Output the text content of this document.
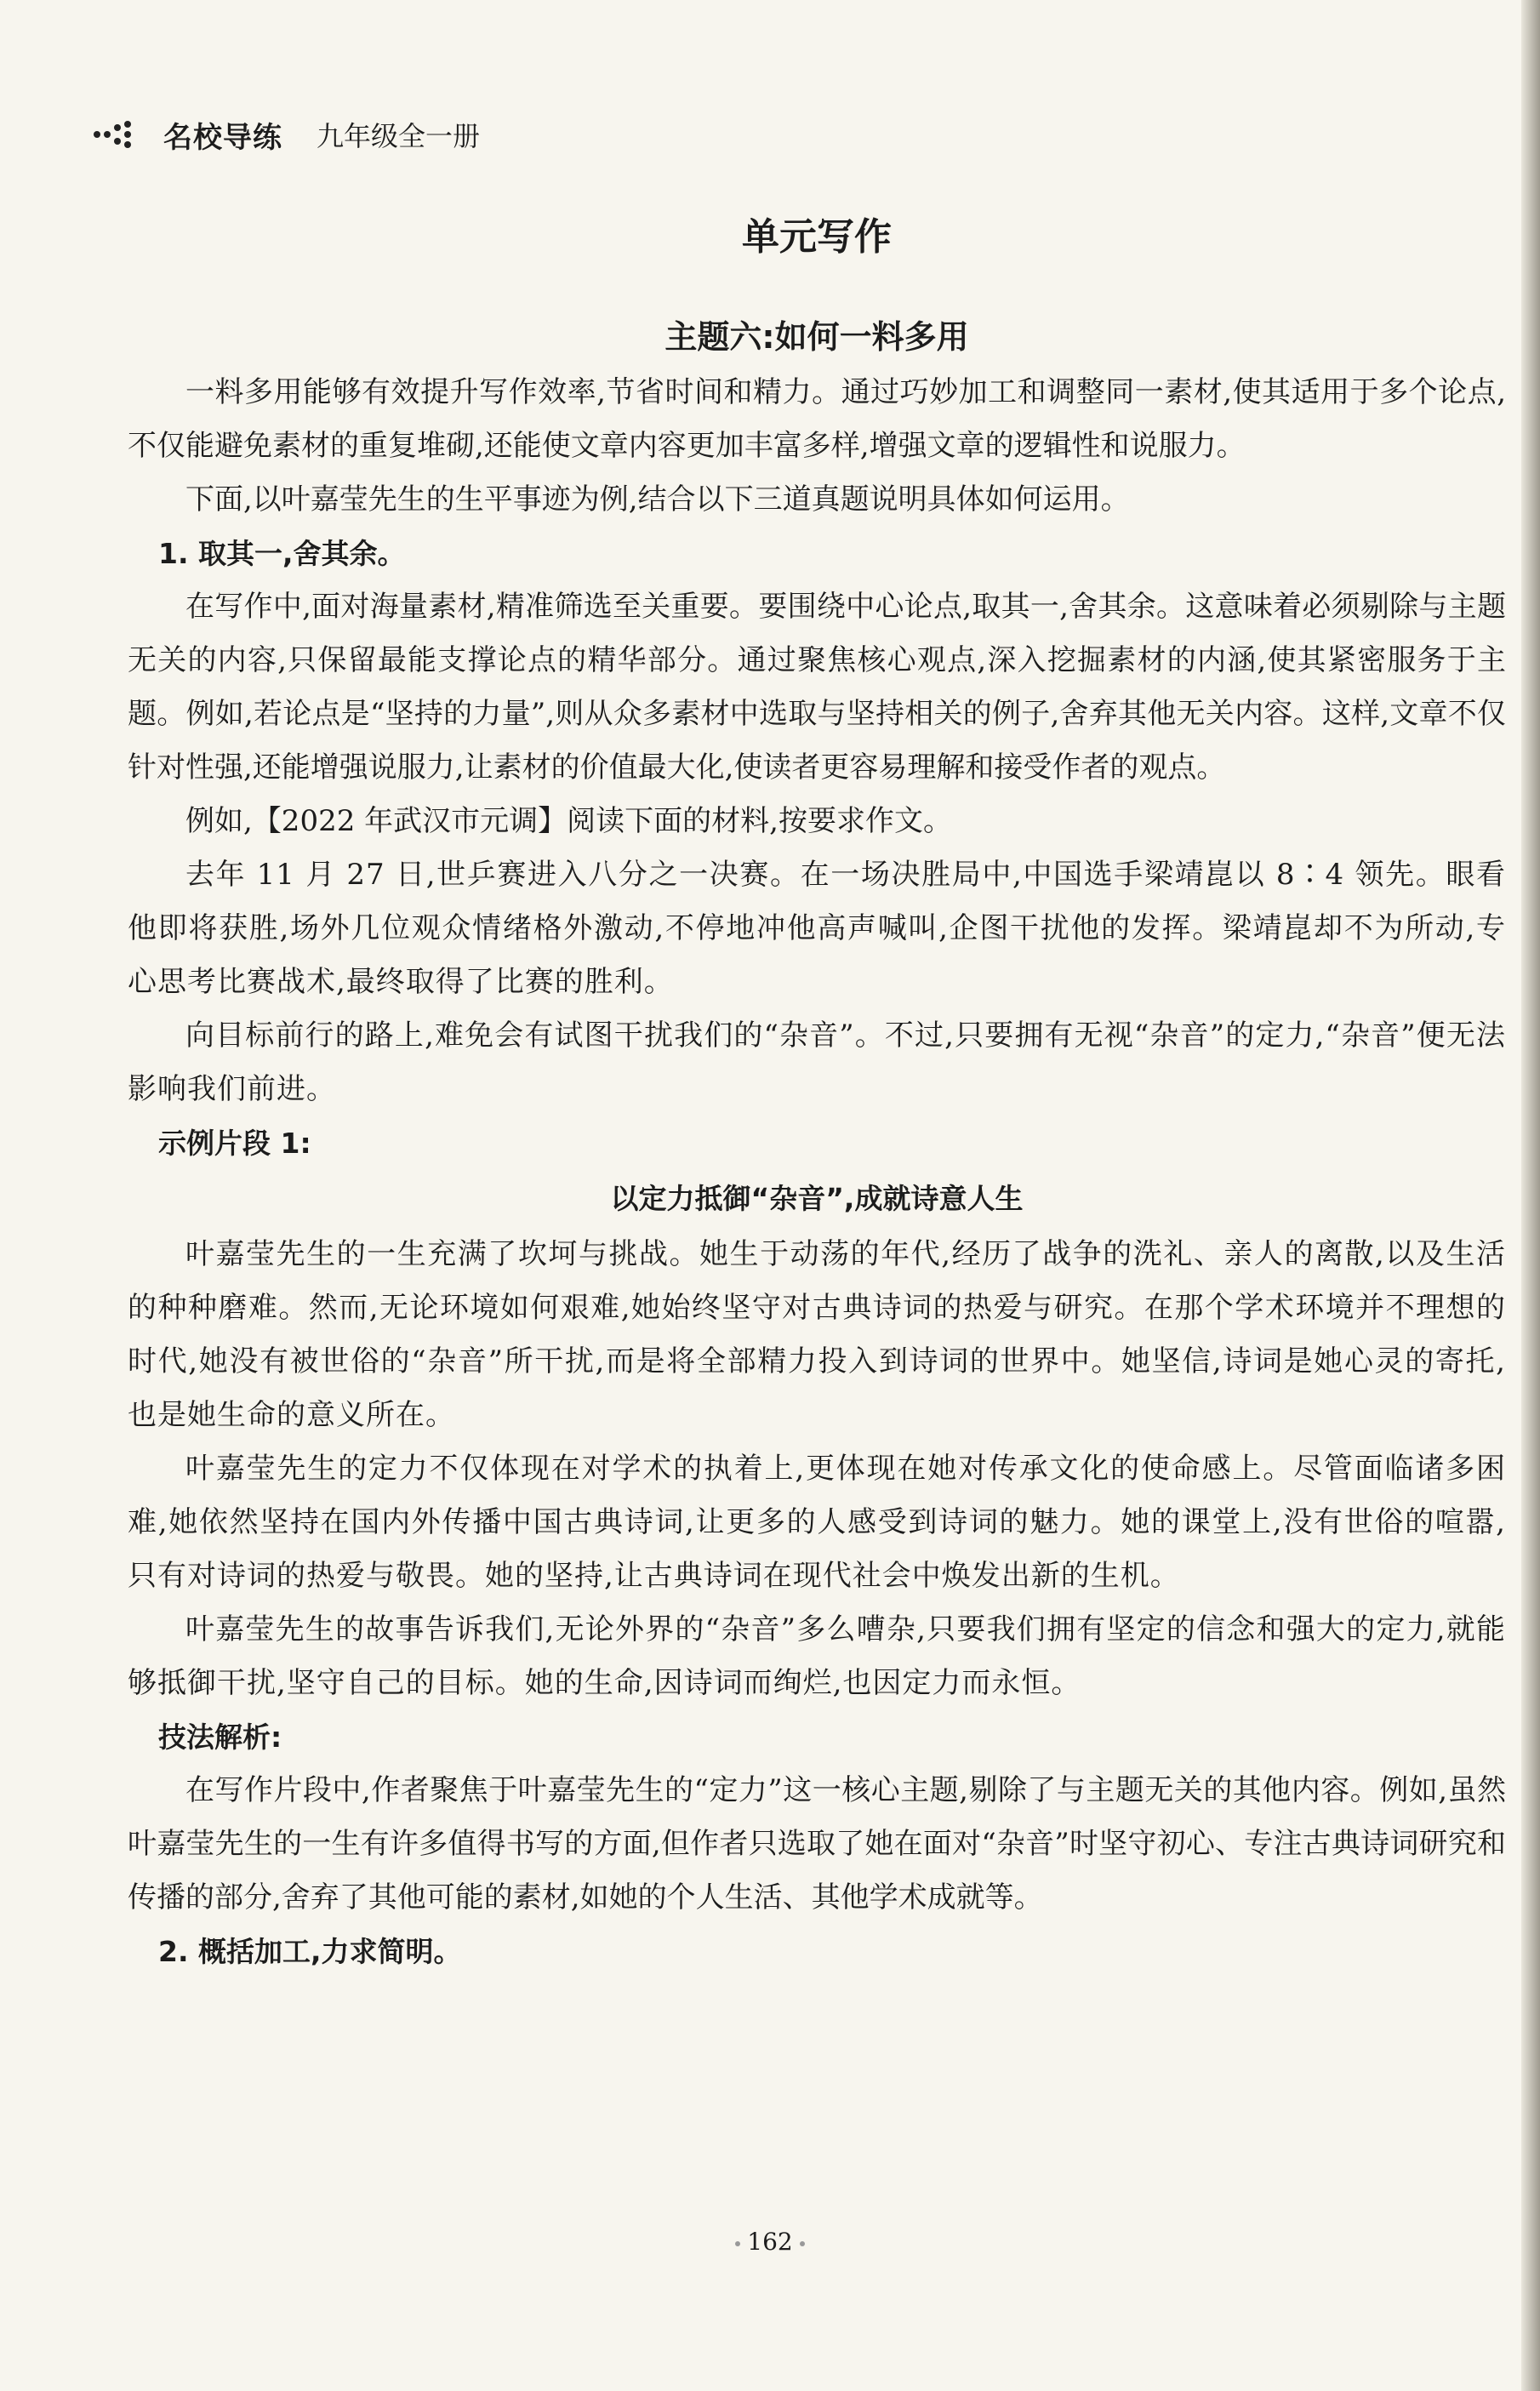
名校导练 九年级全一册
单元写作
主题六:如何一料多用

一料多用能够有效提升写作效率,节省时间和精力。通过巧妙加工和调整同一素材,使其适用于多个论点,不仅能避免素材的重复堆砌,还能使文章内容更加丰富多样,增强文章的逻辑性和说服力。

下面,以叶嘉莹先生的生平事迹为例,结合以下三道真题说明具体如何运用。

1. 取其一,舍其余。

在写作中,面对海量素材,精准筛选至关重要。要围绕中心论点,取其一,舍其余。这意味着必须剔除与主题无关的内容,只保留最能支撑论点的精华部分。通过聚焦核心观点,深入挖掘素材的内涵,使其紧密服务于主题。例如,若论点是“坚持的力量”,则从众多素材中选取与坚持相关的例子,舍弃其他无关内容。这样,文章不仅针对性强,还能增强说服力,让素材的价值最大化,使读者更容易理解和接受作者的观点。

例如,【2022 年武汉市元调】阅读下面的材料,按要求作文。

去年 11 月 27 日,世乒赛进入八分之一决赛。在一场决胜局中,中国选手梁靖崑以 8∶4 领先。眼看他即将获胜,场外几位观众情绪格外激动,不停地冲他高声喊叫,企图干扰他的发挥。梁靖崑却不为所动,专心思考比赛战术,最终取得了比赛的胜利。

向目标前行的路上,难免会有试图干扰我们的“杂音”。不过,只要拥有无视“杂音”的定力,“杂音”便无法影响我们前进。

示例片段 1:
以定力抵御“杂音”,成就诗意人生

叶嘉莹先生的一生充满了坎坷与挑战。她生于动荡的年代,经历了战争的洗礼、亲人的离散,以及生活的种种磨难。然而,无论环境如何艰难,她始终坚守对古典诗词的热爱与研究。在那个学术环境并不理想的时代,她没有被世俗的“杂音”所干扰,而是将全部精力投入到诗词的世界中。她坚信,诗词是她心灵的寄托,也是她生命的意义所在。

叶嘉莹先生的定力不仅体现在对学术的执着上,更体现在她对传承文化的使命感上。尽管面临诸多困难,她依然坚持在国内外传播中国古典诗词,让更多的人感受到诗词的魅力。她的课堂上,没有世俗的喧嚣,只有对诗词的热爱与敬畏。她的坚持,让古典诗词在现代社会中焕发出新的生机。

叶嘉莹先生的故事告诉我们,无论外界的“杂音”多么嘈杂,只要我们拥有坚定的信念和强大的定力,就能够抵御干扰,坚守自己的目标。她的生命,因诗词而绚烂,也因定力而永恒。

技法解析:

在写作片段中,作者聚焦于叶嘉莹先生的“定力”这一核心主题,剔除了与主题无关的其他内容。例如,虽然叶嘉莹先生的一生有许多值得书写的方面,但作者只选取了她在面对“杂音”时坚守初心、专注古典诗词研究和传播的部分,舍弃了其他可能的素材,如她的个人生活、其他学术成就等。

2. 概括加工,力求简明。
162
